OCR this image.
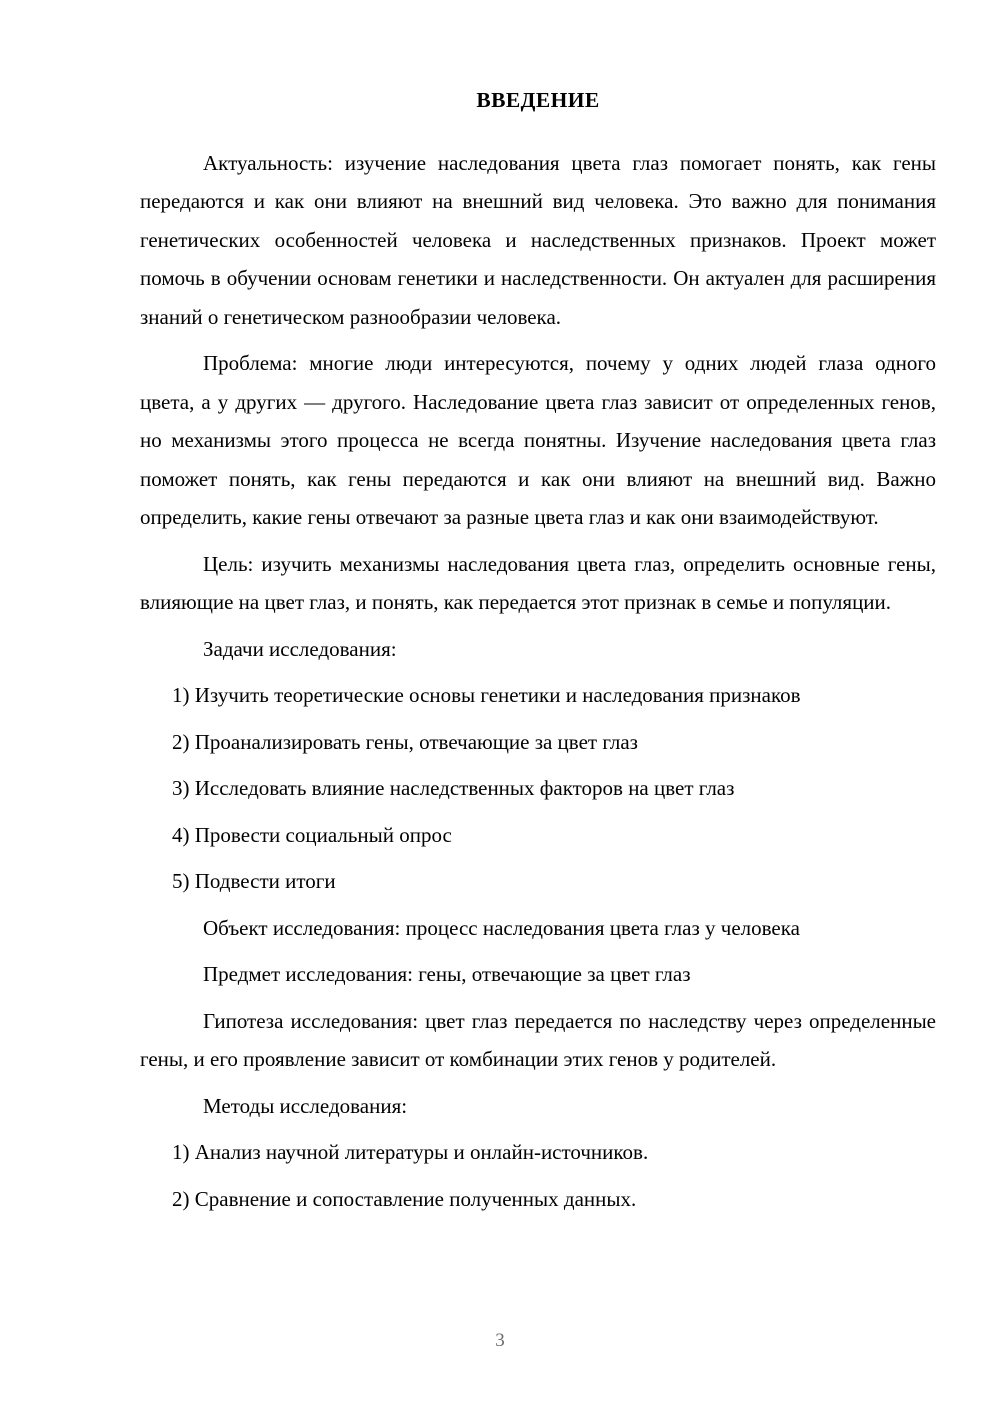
ВВЕДЕНИЕ

Актуальность: изучение наследования цвета глаз помогает понять, как гены передаются и как они влияют на внешний вид человека. Это важно для понимания генетических особенностей человека и наследственных признаков. Проект может помочь в обучении основам генетики и наследственности. Он актуален для расширения знаний о генетическом разнообразии человека.

Проблема: многие люди интересуются, почему у одних людей глаза одного цвета, а у других — другого. Наследование цвета глаз зависит от определенных генов, но механизмы этого процесса не всегда понятны. Изучение наследования цвета глаз поможет понять, как гены передаются и как они влияют на внешний вид. Важно определить, какие гены отвечают за разные цвета глаз и как они взаимодействуют.

Цель: изучить механизмы наследования цвета глаз, определить основные гены, влияющие на цвет глаз, и понять, как передается этот признак в семье и популяции.

Задачи исследования:

1) Изучить теоретические основы генетики и наследования признаков

2) Проанализировать гены, отвечающие за цвет глаз

3) Исследовать влияние наследственных факторов на цвет глаз

4) Провести социальный опрос

5) Подвести итоги

Объект исследования: процесс наследования цвета глаз у человека

Предмет исследования: гены, отвечающие за цвет глаз

Гипотеза исследования: цвет глаз передается по наследству через определенные гены, и его проявление зависит от комбинации этих генов у родителей.

Методы исследования:

1) Анализ научной литературы и онлайн-источников.

2) Сравнение и сопоставление полученных данных.

3
